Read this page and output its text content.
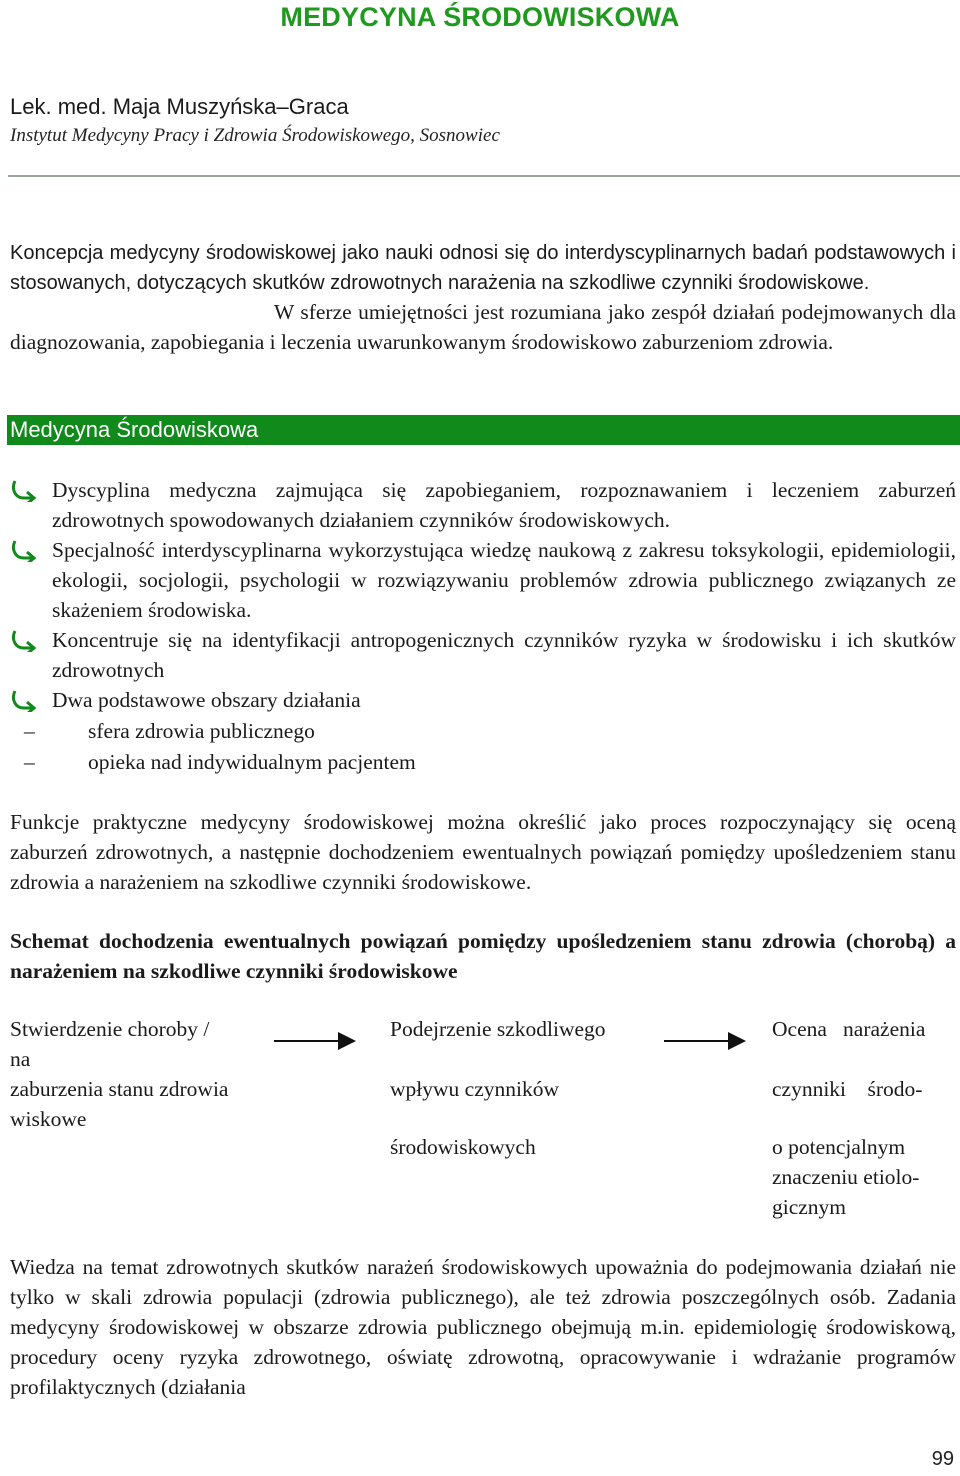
MEDYCYNA ŚRODOWISKOWA
Lek. med. Maja Muszyńska–Graca
Instytut Medycyny Pracy i Zdrowia Środowiskowego, Sosnowiec
Koncepcja medycyny środowiskowej jako nauki odnosi się do interdyscyplinarnych badań podstawowych i stosowanych, dotyczących skutków zdrowotnych narażenia na szkodliwe czynniki środowiskowe.
W sferze umiejętności jest rozumiana jako zespół działań podejmowanych dla diagnozowania, zapobiegania i leczenia uwarunkowanym środowiskowo zaburzeniom zdrowia.
Medycyna Środowiskowa
Dyscyplina medyczna zajmująca się zapobieganiem, rozpoznawaniem i leczeniem zaburzeń zdrowotnych spowodowanych działaniem czynników środowiskowych.
Specjalność interdyscyplinarna wykorzystująca wiedzę naukową z zakresu toksykologii, epidemiologii, ekologii, socjologii, psychologii w rozwiązywaniu problemów zdrowia publicznego związanych ze skażeniem środowiska.
Koncentruje się na identyfikacji antropogenicznych czynników ryzyka w środowisku i ich skutków zdrowotnych
Dwa podstawowe obszary działania
– sfera zdrowia publicznego
– opieka nad indywidualnym pacjentem
Funkcje praktyczne medycyny środowiskowej można określić jako proces rozpoczynający się oceną zaburzeń zdrowotnych, a następnie dochodzeniem ewentualnych powiązań pomiędzy upośledzeniem stanu zdrowia a narażeniem na szkodliwe czynniki środowiskowe.
Schemat dochodzenia ewentualnych powiązań pomiędzy upośledzeniem stanu zdrowia (chorobą) a narażeniem na szkodliwe czynniki środowiskowe
Stwierdzenie choroby /
na
zaburzenia stanu zdrowia
wiskowe
Podejrzenie szkodliwego
wpływu czynników
środowiskowych
Ocena   narażenia
czynniki    środo-
o potencjalnym
znaczeniu etiolo-
gicznym
Wiedza na temat zdrowotnych skutków narażeń środowiskowych upoważnia do podejmowania działań nie tylko w skali zdrowia populacji (zdrowia publicznego), ale też zdrowia poszczególnych osób. Zadania medycyny środowiskowej w obszarze zdrowia publicznego obejmują m.in. epidemiologię środowiskową, procedury oceny ryzyka zdrowotnego, oświatę zdrowotną, opracowywanie i wdrażanie programów profilaktycznych (działania
99
